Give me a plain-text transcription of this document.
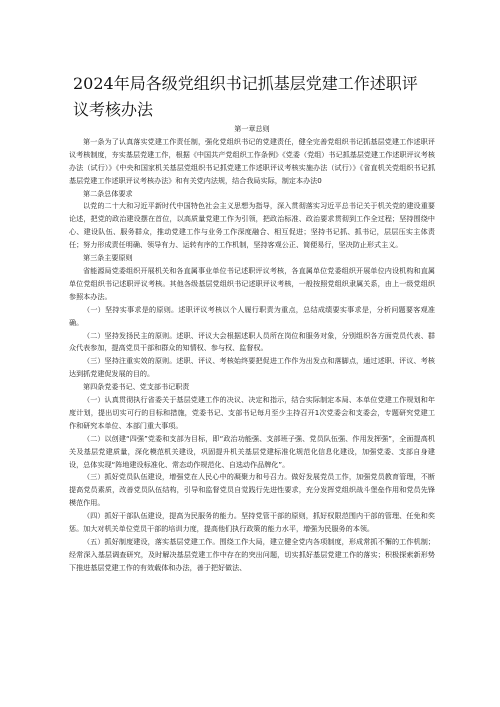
2024年局各级党组织书记抓基层党建工作述职评议考核办法

第一章总则

第一条为了认真落实党建工作责任制，强化党组织书记的党建责任，健全完善党组织书记抓基层党建工作述职评议考核制度，夯实基层党建工作，根据《中国共产党组织工作条例》《党委（党组）书记抓基层党建工作述职评议考核办法（试行）》《中央和国家机关基层党组织书记抓党建工作述职评议考核实施办法（试行）》《省直机关党组织书记抓基层党建工作述职评议考核办法》和有关党内法规，结合我局实际，制定本办法0

第二条总体要求

以党的二十大和习近平新时代中国特色社会主义思想为指导，深入贯彻落实习近平总书记关于机关党的建设重要论述，把党的政治建设摆在首位，以高质量党建工作为引领，把政治标准、政治要求贯彻到工作全过程；坚持围绕中心、建设队伍、服务群众，推动党建工作与业务工作深度融合、相互促进；坚持书记抓、抓书记，层层压实主体责任；努力形成责任明确、领导有力、运转有序的工作机制，坚持客观公正、简便易行，坚决防止形式主义。

第三条主要原则

省能源局党委组织开展机关和各直属事业单位书记述职评议考核，各直属单位党委组织开展单位内设机构和直属单位党组织书记述职评议考核。其他各级基层党组织书记述职评议考核，一般按照党组织隶属关系，由上一级党组织参照本办法。

（一）坚持实事求是的原则。述职评议考核以个人履行职责为重点，总结成绩要实事求是，分析问题要客观准确。

（二）坚持发扬民主的原则。述职、评议大会根据述职人员所在岗位和服务对象，分别组织各方面党员代表、群众代表参加，提高党员干部和群众的知情权、参与权、监督权。

（三）坚持注重实效的原则。述职、评议、考核始终要把促进工作作为出发点和落脚点，通过述职、评议、考核达到抓党建促发展的目的。

第四条党委书记、党支部书记职责

（一）认真贯彻执行省委关于基层党建工作的决议、决定和指示，结合实际制定本局、本单位党建工作规划和年度计划，提出切实可行的目标和措施，党委书记、支部书记每月至少主持召开1次党委会和支委会，专题研究党建工作和研究本单位、本部门重大事项。

（二）以创建“四强”党委和支部为目标，即“政治功能强、支部班子强、党员队伍强、作用发挥强”，全面提高机关及基层党建质量，深化模范机关建设，巩固提升机关基层党建标准化规范化信息化建设，加强党委、支部自身建设，总体实现“阵地建设标准化、常态动作规范化、自选动作品牌化”。

（三）抓好党员队伍建设，增强党在人民心中的凝聚力和号召力。做好发展党员工作，加强党员教育管理，不断提高党员素质，改善党员队伍结构，引导和监督党员自觉践行先进性要求，充分发挥党组织战斗堡垒作用和党员先锋模范作用。

（四）抓好干部队伍建设，提高为民服务的能力。坚持党管干部的原则，抓好权限范围内干部的管理、任免和奖惩。加大对机关单位党员干部的培训力度，提高他们执行政策的能力水平，增强为民服务的本领。

（五）抓好制度建设，落实基层党建工作。围绕工作大局，建立健全党内各项制度，形成常抓不懈的工作机制；经常深入基层调查研究，及时解决基层党建工作中存在的突出问题，切实抓好基层党建工作的落实；积极探索新形势下推进基层党建工作的有效载体和办法，善于把好做法、
